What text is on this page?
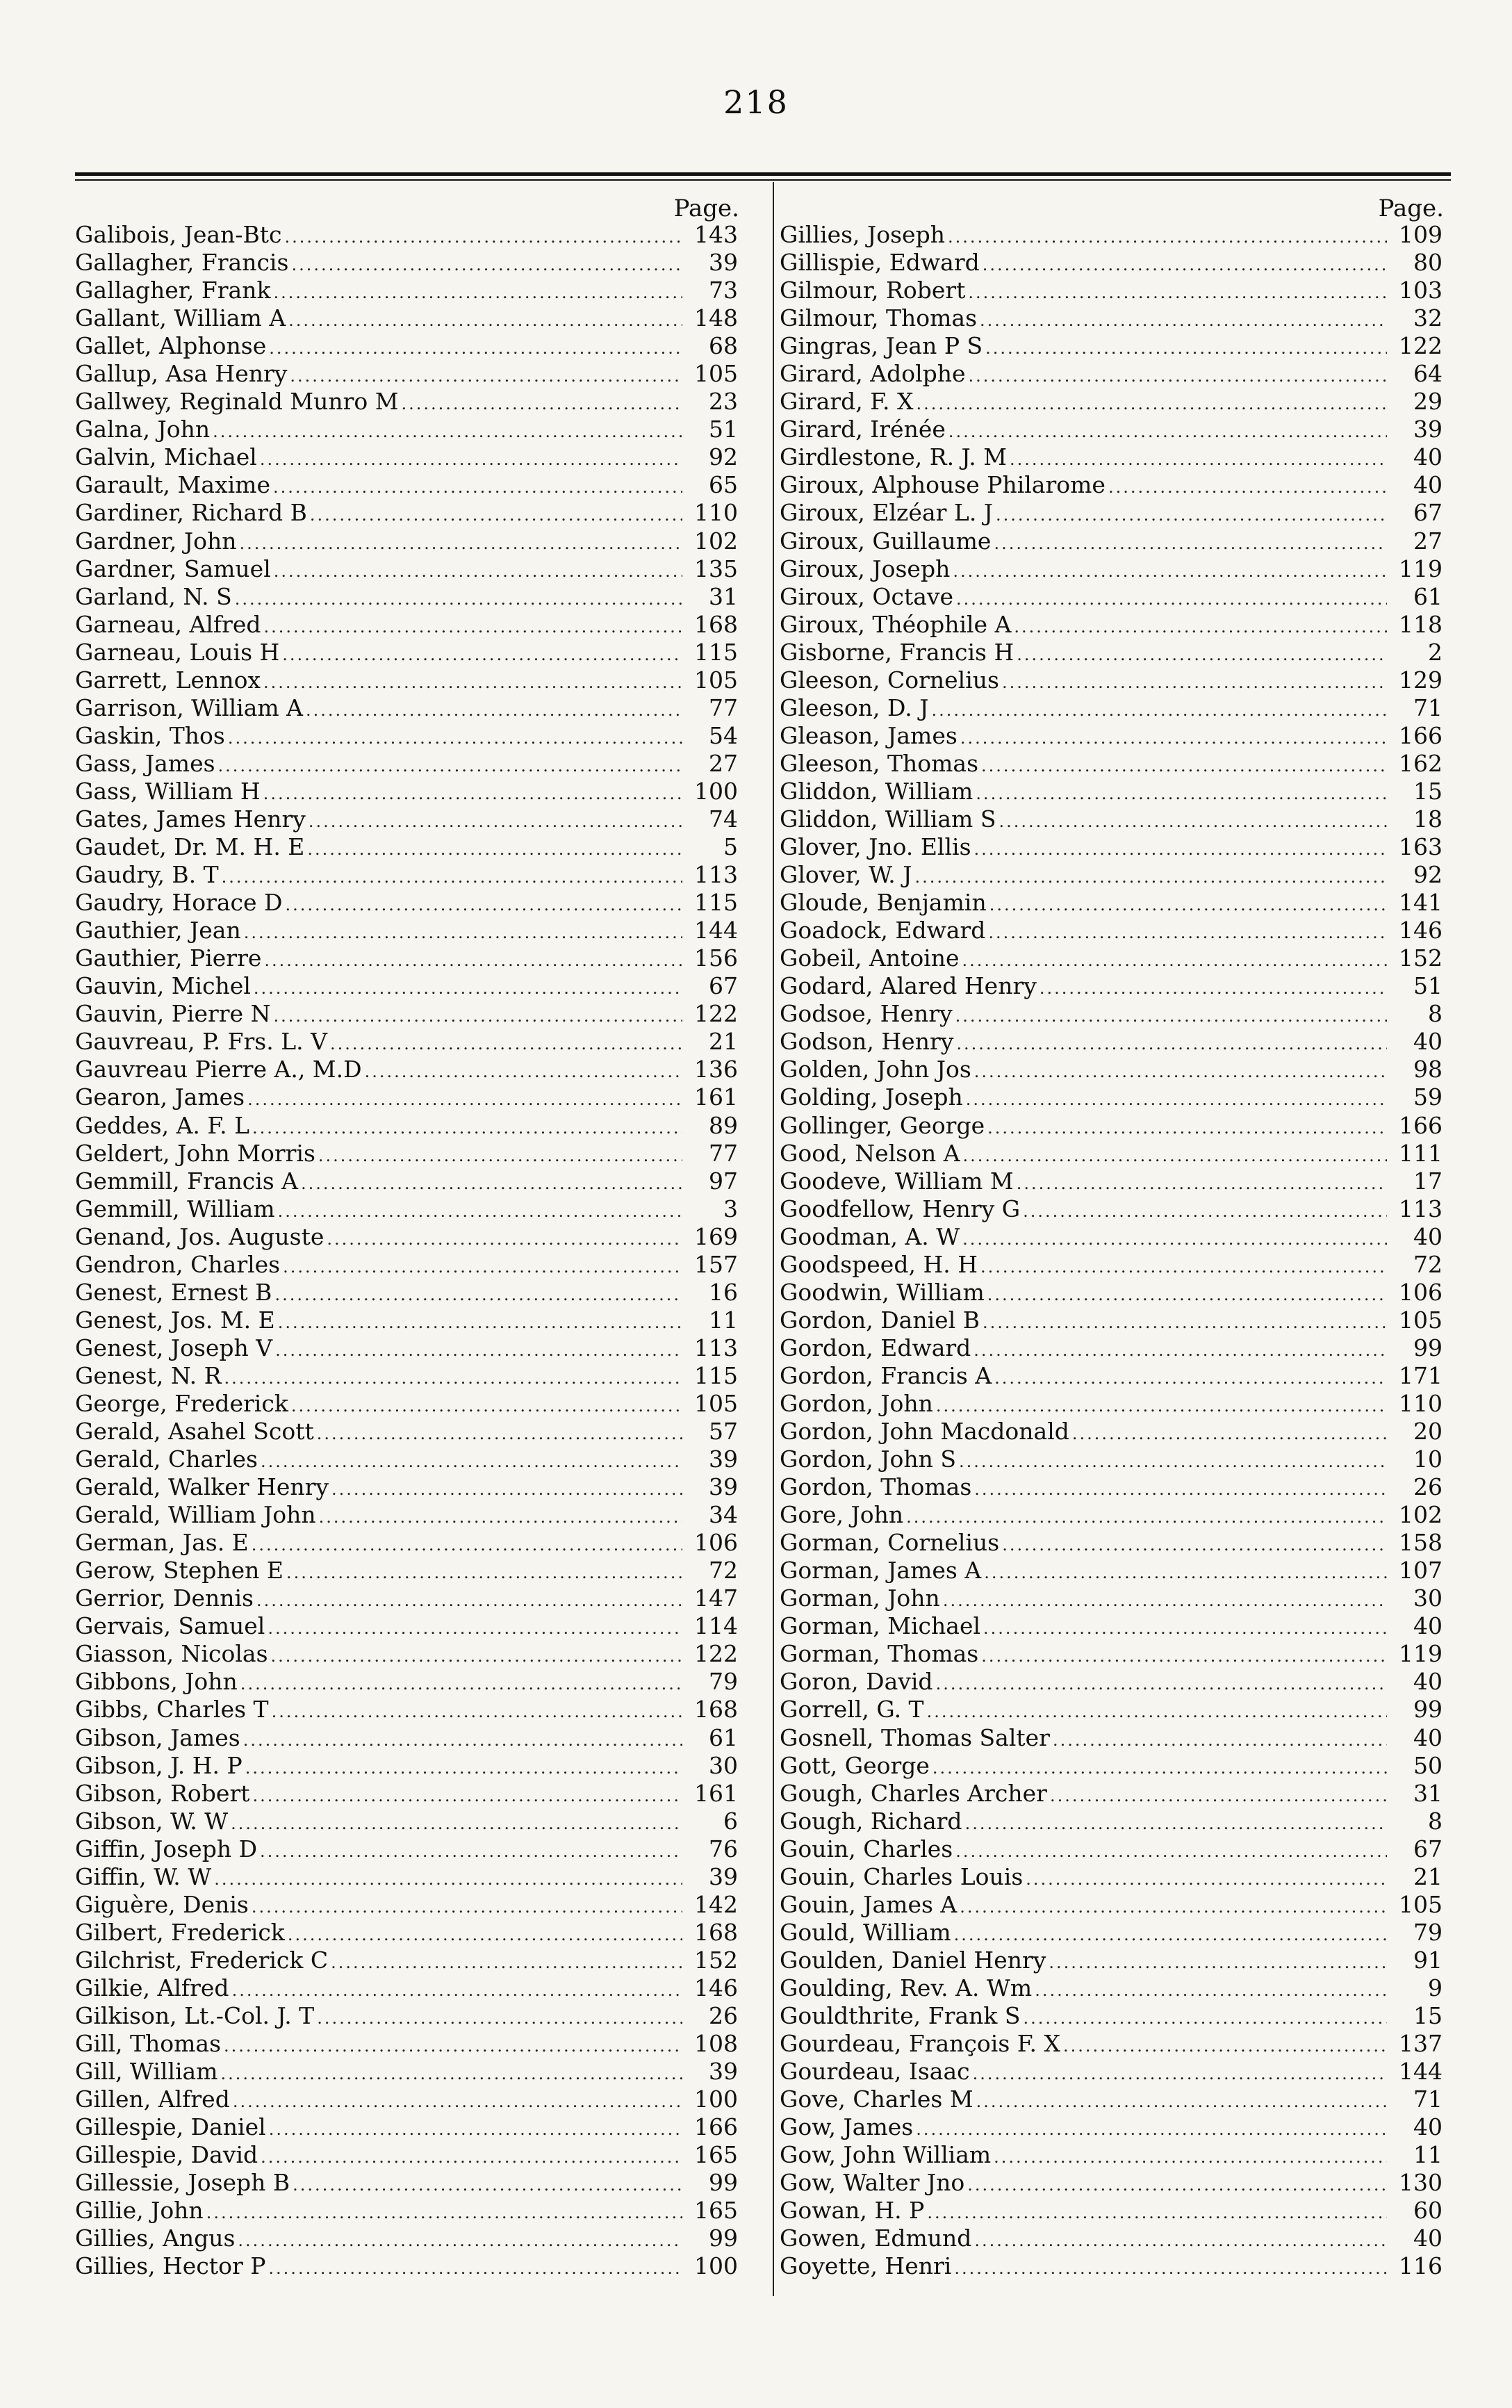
218
Page.
Galibois, Jean-Btc .....	143
Gallagher, Francis .....	39
Gallagher, Frank .....	73
Gallant, William A .....	148
Gallet, Alphonse .....	68
Gallup, Asa Henry .....	105
Gallwey, Reginald Munro M .....	23
Galna, John .....	51
Galvin, Michael .....	92
Garault, Maxime .....	65
Gardiner, Richard B .....	110
Gardner, John .....	102
Gardner, Samuel .....	135
Garland, N. S .....	31
Garneau, Alfred .....	168
Garneau, Louis H .....	115
Garrett, Lennox .....	105
Garrison, William A .....	77
Gaskin, Thos .....	54
Gass, James .....	27
Gass, William H .....	100
Gates, James Henry .....	74
Gaudet, Dr. M. H. E .....	5
Gaudry, B. T .....	113
Gaudry, Horace D .....	115
Gauthier, Jean .....	144
Gauthier, Pierre .....	156
Gauvin, Michel .....	67
Gauvin, Pierre N .....	122
Gauvreau, P. Frs. L. V .....	21
Gauvreau Pierre A., M.D .....	136
Gearon, James .....	161
Geddes, A. F. L .....	89
Geldert, John Morris .....	77
Gemmill, Francis A .....	97
Gemmill, William .....	3
Genand, Jos. Auguste .....	169
Gendron, Charles .....	157
Genest, Ernest B .....	16
Genest, Jos. M. E .....	11
Genest, Joseph V .....	113
Genest, N. R .....	115
George, Frederick .....	105
Gerald, Asahel Scott .....	57
Gerald, Charles .....	39
Gerald, Walker Henry .....	39
Gerald, William John .....	34
German, Jas. E .....	106
Gerow, Stephen E .....	72
Gerrior, Dennis .....	147
Gervais, Samuel .....	114
Giasson, Nicolas .....	122
Gibbons, John .....	79
Gibbs, Charles T .....	168
Gibson, James .....	61
Gibson, J. H. P .....	30
Gibson, Robert .....	161
Gibson, W. W .....	6
Giffin, Joseph D .....	76
Giffin, W. W .....	39
Giguère, Denis .....	142
Gilbert, Frederick .....	168
Gilchrist, Frederick C .....	152
Gilkie, Alfred .....	146
Gilkison, Lt.-Col. J. T .....	26
Gill, Thomas .....	108
Gill, William .....	39
Gillen, Alfred .....	100
Gillespie, Daniel .....	166
Gillespie, David .....	165
Gillessie, Joseph B .....	99
Gillie, John .....	165
Gillies, Angus .....	99
Gillies, Hector P .....	100
Page.
Gillies, Joseph .....	109
Gillispie, Edward .....	80
Gilmour, Robert .....	103
Gilmour, Thomas .....	32
Gingras, Jean P S .....	122
Girard, Adolphe .....	64
Girard, F. X .....	29
Girard, Irénée .....	39
Girdlestone, R. J. M .....	40
Giroux, Alphouse Philarome .....	40
Giroux, Elzéar L. J .....	67
Giroux, Guillaume .....	27
Giroux, Joseph .....	119
Giroux, Octave .....	61
Giroux, Théophile A .....	118
Gisborne, Francis H .....	2
Gleeson, Cornelius .....	129
Gleeson, D. J .....	71
Gleason, James .....	166
Gleeson, Thomas .....	162
Gliddon, William .....	15
Gliddon, William S .....	18
Glover, Jno. Ellis .....	163
Glover, W. J .....	92
Gloude, Benjamin .....	141
Goadock, Edward .....	146
Gobeil, Antoine .....	152
Godard, Alared Henry .....	51
Godsoe, Henry .....	8
Godson, Henry .....	40
Golden, John Jos .....	98
Golding, Joseph .....	59
Gollinger, George .....	166
Good, Nelson A .....	111
Goodeve, William M .....	17
Goodfellow, Henry G .....	113
Goodman, A. W .....	40
Goodspeed, H. H .....	72
Goodwin, William .....	106
Gordon, Daniel B .....	105
Gordon, Edward .....	99
Gordon, Francis A .....	171
Gordon, John .....	110
Gordon, John Macdonald .....	20
Gordon, John S .....	10
Gordon, Thomas .....	26
Gore, John .....	102
Gorman, Cornelius .....	158
Gorman, James A .....	107
Gorman, John .....	30
Gorman, Michael .....	40
Gorman, Thomas .....	119
Goron, David .....	40
Gorrell, G. T .....	99
Gosnell, Thomas Salter .....	40
Gott, George .....	50
Gough, Charles Archer .....	31
Gough, Richard .....	8
Gouin, Charles .....	67
Gouin, Charles Louis .....	21
Gouin, James A .....	105
Gould, William .....	79
Goulden, Daniel Henry .....	91
Goulding, Rev. A. Wm .....	9
Gouldthrite, Frank S .....	15
Gourdeau, François F. X .....	137
Gourdeau, Isaac .....	144
Gove, Charles M .....	71
Gow, James .....	40
Gow, John William .....	11
Gow, Walter Jno .....	130
Gowan, H. P .....	60
Gowen, Edmund .....	40
Goyette, Henri .....	116
